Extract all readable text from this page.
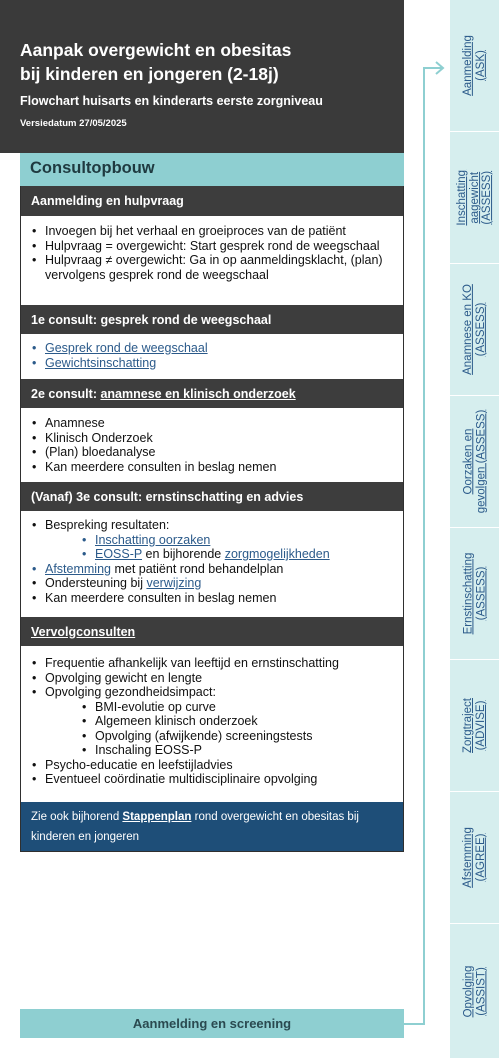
Aanpak overgewicht en obesitas
bij kinderen en jongeren (2-18j)
Flowchart huisarts en kinderarts eerste zorgniveau
Versiedatum 27/05/2025
Consultopbouw
Aanmelding en hulpvraag
• Invoegen bij het verhaal en groeiproces van de patiënt
• Hulpvraag = overgewicht: Start gesprek rond de weegschaal
• Hulpvraag ≠ overgewicht: Ga in op aanmeldingsklacht, (plan) vervolgens gesprek rond de weegschaal
1e consult: gesprek rond de weegschaal
• Gesprek rond de weegschaal
• Gewichtsinschatting
2e consult: anamnese en klinisch onderzoek
• Anamnese
• Klinisch Onderzoek
• (Plan) bloedanalyse
• Kan meerdere consulten in beslag nemen
(Vanaf) 3e consult: ernstinschatting en advies
• Bespreking resultaten:
• Inschatting oorzaken
• EOSS-P en bijhorende zorgmogelijkheden
• Afstemming met patiënt rond behandelplan
• Ondersteuning bij verwijzing
• Kan meerdere consulten in beslag nemen
Vervolgconsulten
• Frequentie afhankelijk van leeftijd en ernstinschatting
• Opvolging gewicht en lengte
• Opvolging gezondheidsimpact:
• BMI-evolutie op curve
• Algemeen klinisch onderzoek
• Opvolging (afwijkende) screeningstests
• Inschaling EOSS-P
• Psycho-educatie en leefstijladvies
• Eventueel coördinatie multidisciplinaire opvolging
Zie ook bijhorend Stappenplan rond overgewicht en obesitas bij kinderen en jongeren
Aanmelding en screening
Aanmelding (ASK)
Inschatting aagewicht (ASSESS)
Anamnese en KO (ASSESS)
Oorzaken en gevolgen (ASSESS)
Ernstinschatting (ASSESS)
Zorgtraject (ADVISE)
Afstemming (AGREE)
Opvolging (ASSIST)
